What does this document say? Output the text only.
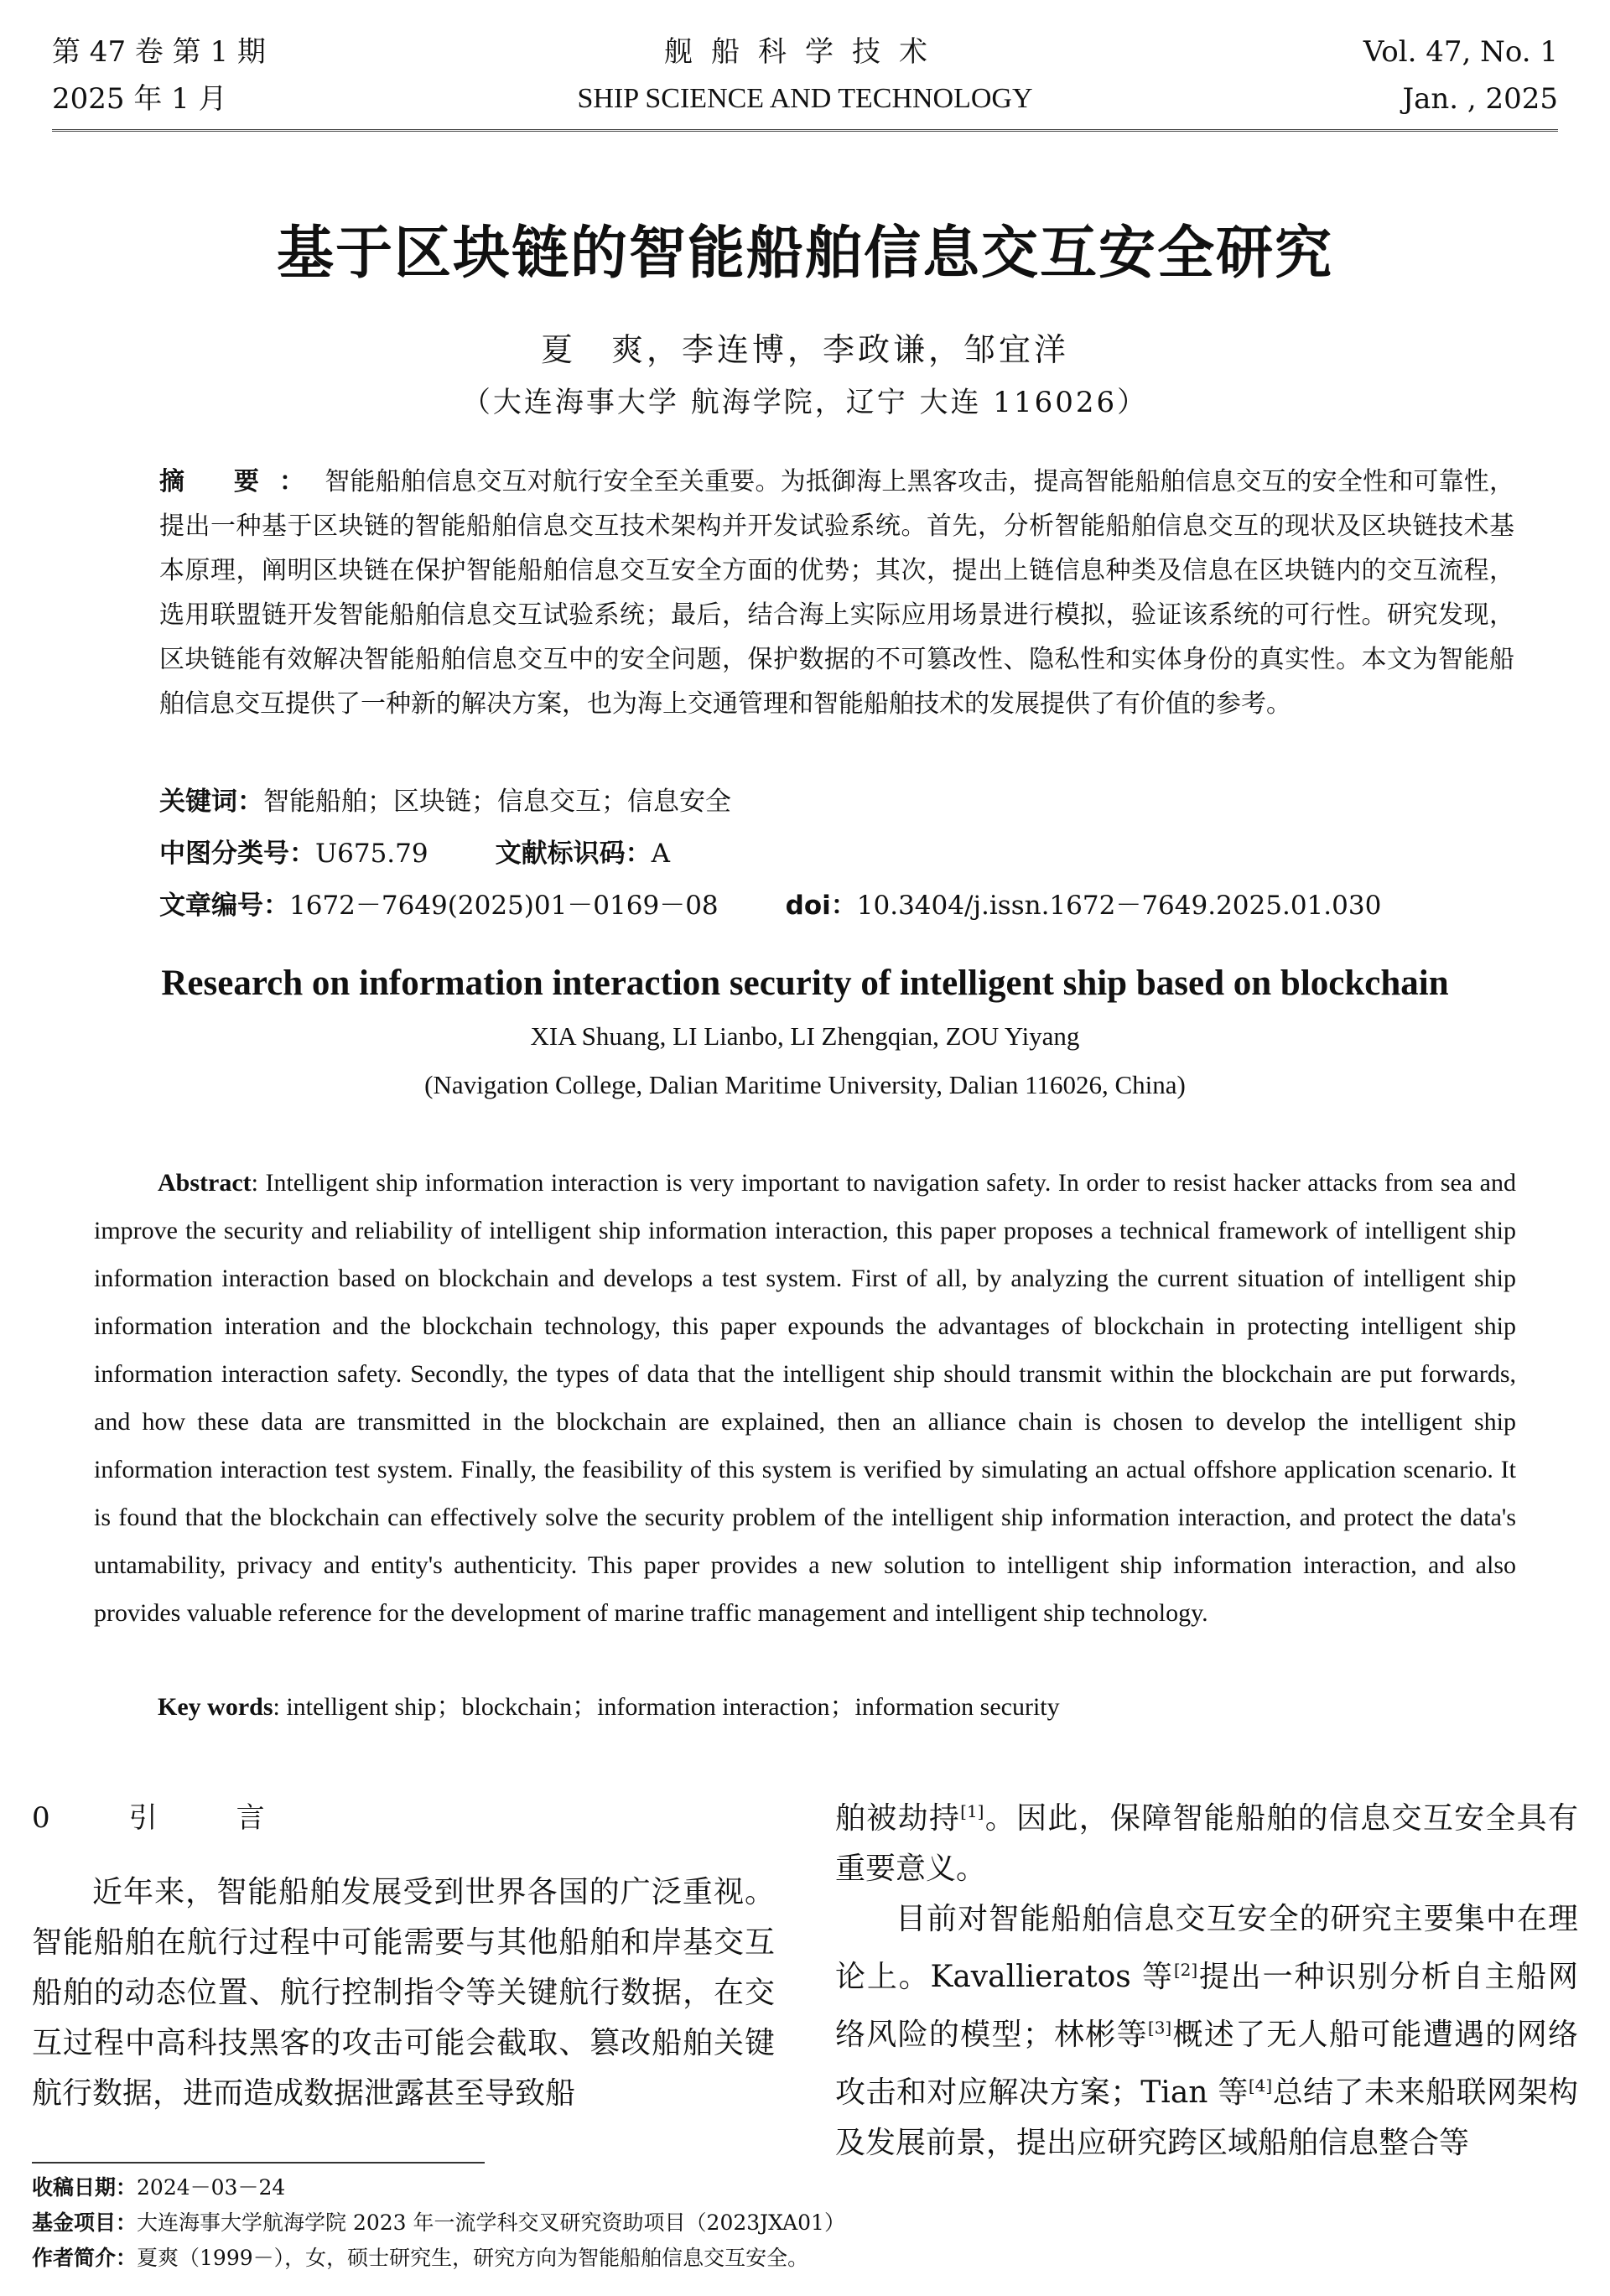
第 47 卷 第 1 期
2025 年 1 月
舰船科学技术
SHIP SCIENCE AND TECHNOLOGY
Vol. 47, No. 1
Jan. , 2025
基于区块链的智能船舶信息交互安全研究
夏　爽，李连博，李政谦，邹宜洋
（大连海事大学 航海学院，辽宁 大连 116026）
摘 要：智能船舶信息交互对航行安全至关重要。为抵御海上黑客攻击，提高智能船舶信息交互的安全性和可靠性，提出一种基于区块链的智能船舶信息交互技术架构并开发试验系统。首先，分析智能船舶信息交互的现状及区块链技术基本原理，阐明区块链在保护智能船舶信息交互安全方面的优势；其次，提出上链信息种类及信息在区块链内的交互流程，选用联盟链开发智能船舶信息交互试验系统；最后，结合海上实际应用场景进行模拟，验证该系统的可行性。研究发现，区块链能有效解决智能船舶信息交互中的安全问题，保护数据的不可篡改性、隐私性和实体身份的真实性。本文为智能船舶信息交互提供了一种新的解决方案，也为海上交通管理和智能船舶技术的发展提供了有价值的参考。
关键词：智能船舶；区块链；信息交互；信息安全
中图分类号：U675.79	文献标识码：A
文章编号：1672－7649(2025)01－0169－08	doi：10.3404/j.issn.1672－7649.2025.01.030
Research on information interaction security of intelligent ship based on blockchain
XIA Shuang, LI Lianbo, LI Zhengqian, ZOU Yiyang
(Navigation College, Dalian Maritime University, Dalian 116026, China)
Abstract: Intelligent ship information interaction is very important to navigation safety. In order to resist hacker attacks from sea and improve the security and reliability of intelligent ship information interaction, this paper proposes a technical framework of intelligent ship information interaction based on blockchain and develops a test system. First of all, by analyzing the current situation of intelligent ship information interation and the blockchain technology, this paper expounds the advantages of blockchain in protecting intelligent ship information interaction safety. Secondly, the types of data that the intelligent ship should transmit within the blockchain are put forwards, and how these data are transmitted in the blockchain are explained, then an alliance chain is chosen to develop the intelligent ship information interaction test system. Finally, the feasibility of this system is verified by simulating an actual offshore application scenario. It is found that the blockchain can effectively solve the security problem of the intelligent ship information interaction, and protect the data's untamability, privacy and entity's authenticity. This paper provides a new solution to intelligent ship information interaction, and also provides valuable reference for the development of marine traffic management and intelligent ship technology.
Key words: intelligent ship；blockchain；information interaction；information security
0　引　言
近年来，智能船舶发展受到世界各国的广泛重视。智能船舶在航行过程中可能需要与其他船舶和岸基交互船舶的动态位置、航行控制指令等关键航行数据，在交互过程中高科技黑客的攻击可能会截取、篡改船舶关键航行数据，进而造成数据泄露甚至导致船
舶被劫持[1]。因此，保障智能船舶的信息交互安全具有重要意义。
目前对智能船舶信息交互安全的研究主要集中在理论上。Kavallieratos 等[2]提出一种识别分析自主船网络风险的模型；林彬等[3]概述了无人船可能遭遇的网络攻击和对应解决方案；Tian 等[4]总结了未来船联网架构及发展前景，提出应研究跨区域船舶信息整合等
收稿日期：2024－03－24
基金项目：大连海事大学航海学院 2023 年一流学科交叉研究资助项目（2023JXA01）
作者简介：夏爽（1999－），女，硕士研究生，研究方向为智能船舶信息交互安全。
